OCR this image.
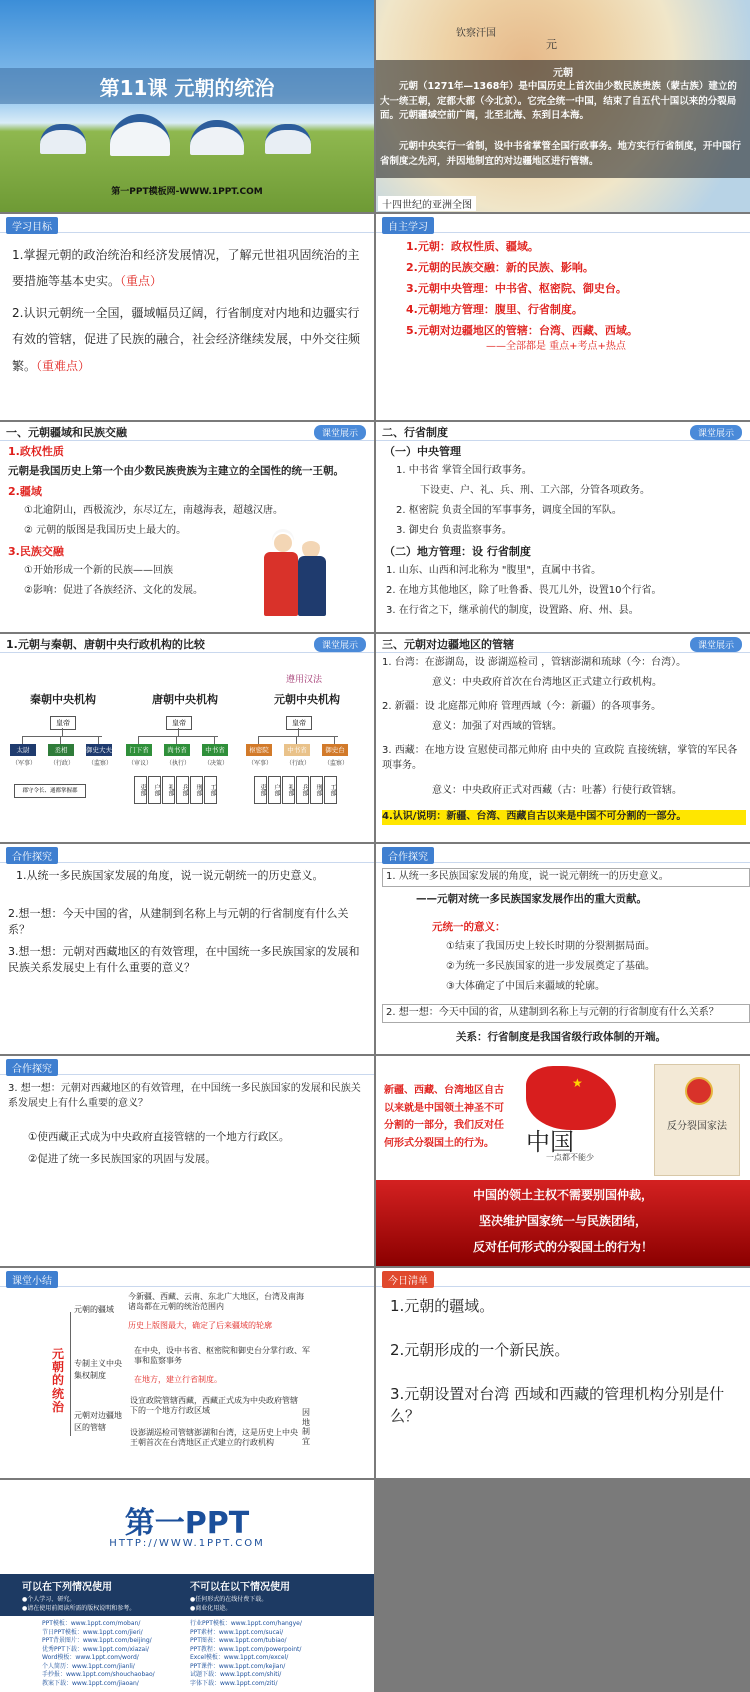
第11课 元朝的统治
第一PPT模板网-WWW.1PPT.COM
钦察汗国
元
元朝
元朝（1271年—1368年）是中国历史上首次由少数民族贵族（蒙古族）建立的大一统王朝，定都大都（今北京）。它完全统一中国，结束了自五代十国以来的分裂局面。元朝疆域空前广阔，北至北海、东到日本海。
元朝中央实行一省制，设中书省掌管全国行政事务。地方实行行省制度，开中国行省制度之先河，并因地制宜的对边疆地区进行管辖。
十四世纪的亚洲全图
学习目标
1.掌握元朝的政治统治和经济发展情况，了解元世祖巩固统治的主要措施等基本史实。（重点）
2.认识元朝统一全国，疆域幅员辽阔，行省制度对内地和边疆实行有效的管辖，促进了民族的融合，社会经济继续发展，中外交往频繁。（重难点）
自主学习
1.元朝：政权性质、疆域。
2.元朝的民族交融：新的民族、影响。
3.元朝中央管理：中书省、枢密院、御史台。
4.元朝地方管理：腹里、行省制度。
5.元朝对边疆地区的管辖：台湾、西藏、西域。
——全部都是 重点+考点+热点
一、元朝疆域和民族交融	课堂展示
1.政权性质
元朝是我国历史上第一个由少数民族贵族为主建立的全国性的统一王朝。
2.疆域
①北逾阴山，西极流沙，东尽辽左，南越海表，超越汉唐。
② 元朝的版图是我国历史上最大的。
3.民族交融
①开始形成一个新的民族——回族
②影响：促进了各族经济、文化的发展。
二、行省制度	课堂展示
（一）中央管理
1. 中书省 掌管全国行政事务。
下设吏、户、礼、兵、刑、工六部，分管各项政务。
2. 枢密院 负责全国的军事事务，调度全国的军队。
3. 御史台 负责监察事务。
（二）地方管理：设 行省制度
1. 山东、山西和河北称为 "腹里"，直属中书省。
2. 在地方其他地区，除了吐鲁番、畏兀儿外，设置10个行省。
3. 在行省之下，继承前代的制度，设置路、府、州、县。
1.元朝与秦朝、唐朝中央行政机构的比较	课堂展示
遵用汉法
秦朝中央机构	唐朝中央机构	元朝中央机构
皇帝
太尉
（军事）
丞相
（行政）
御史大夫
（监察）
郡守令长、通都掌握郡
皇帝
门下省
（审议）
尚书省
（执行）
中书省
（决策）
吏部	户部	礼部	兵部	刑部	工部
皇帝
枢密院
（军事）
中书省
（行政）
御史台
（监察）
吏部	户部	礼部	兵部	刑部	工部
三、元朝对边疆地区的管辖	课堂展示
1. 台湾：在澎湖岛，设 澎湖巡检司 ，管辖澎湖和琉球（今：台湾）。
意义：中央政府首次在台湾地区正式建立行政机构。
2. 新疆：设 北庭都元帅府 管理西域（今：新疆）的各项事务。
意义：加强了对西域的管辖。
3. 西藏：在地方设 宣慰使司都元帅府 由中央的 宣政院 直接统辖，掌管的军民各项事务。
意义：中央政府正式对西藏（古：吐蕃）行使行政管辖。
4.认识/说明：新疆、台湾、西藏自古以来是中国不可分割的一部分。
合作探究
1.从统一多民族国家发展的角度，说一说元朝统一的历史意义。
2.想一想：今天中国的省，从建制到名称上与元朝的行省制度有什么关系？
3.想一想：元朝对西藏地区的有效管理，在中国统一多民族国家的发展和民族关系发展史上有什么重要的意义？
合作探究
1. 从统一多民族国家发展的角度，说一说元朝统一的历史意义。
——元朝对统一多民族国家发展作出的重大贡献。
元统一的意义：
①结束了我国历史上较长时期的分裂割据局面。
②为统一多民族国家的进一步发展奠定了基础。
③大体确定了中国后来疆域的轮廓。
2. 想一想：今天中国的省，从建制到名称上与元朝的行省制度有什么关系？
关系：行省制度是我国省级行政体制的开端。
合作探究
3. 想一想：元朝对西藏地区的有效管理，在中国统一多民族国家的发展和民族关系发展史上有什么重要的意义？
①使西藏正式成为中央政府直接管辖的一个地方行政区。
②促进了统一多民族国家的巩固与发展。
新疆、西藏、台湾地区自古以来就是中国领土神圣不可分割的一部分，我们反对任何形式分裂国土的行为。
★
中国
一点都不能少
反分裂国家法
中国的领土主权不需要别国仲裁，
坚决维护国家统一与民族团结，
反对任何形式的分裂国土的行为！
课堂小结
元朝的统治
元朝的疆域
今新疆、西藏、云南、东北广大地区，台湾及南海诸岛都在元朝的统治范围内
历史上版图最大，确定了后来疆域的轮廓
专制主义中央集权制度
在中央，设中书省、枢密院和御史台分掌行政、军事和监察事务
在地方，建立行省制度。
元朝对边疆地区的管辖
设宣政院管辖西藏，西藏正式成为中央政府管辖下的一个地方行政区域
设澎湖巡检司管辖澎湖和台湾，这是历史上中央王朝首次在台湾地区正式建立的行政机构
因地制宜
今日清单
1.元朝的疆域。
2.元朝形成的一个新民族。
3.元朝设置对台湾 西域和西藏的管理机构分别是什么？
第一PPT
HTTP://WWW.1PPT.COM
可以在下列情况使用
●个人学习、研究。
●请在使用前阅读所需的版权说明和参考。
不可以在以下情况使用
●任何形式的在线付费下载。
●商业化用途。
PPT模板：www.1ppt.com/moban/
节日PPT模板：www.1ppt.com/jieri/
PPT背景图片：www.1ppt.com/beijing/
优秀PPT下载：www.1ppt.com/xiazai/
Word模板：www.1ppt.com/word/
个人简历：www.1ppt.com/jianli/
手抄报：www.1ppt.com/shouchaobao/
教案下载：www.1ppt.com/jiaoan/
行业PPT模板：www.1ppt.com/hangye/
PPT素材：www.1ppt.com/sucai/
PPT图表：www.1ppt.com/tubiao/
PPT教程：www.1ppt.com/powerpoint/
Excel模板：www.1ppt.com/excel/
PPT课件：www.1ppt.com/kejian/
试题下载：www.1ppt.com/shiti/
字体下载：www.1ppt.com/ziti/
